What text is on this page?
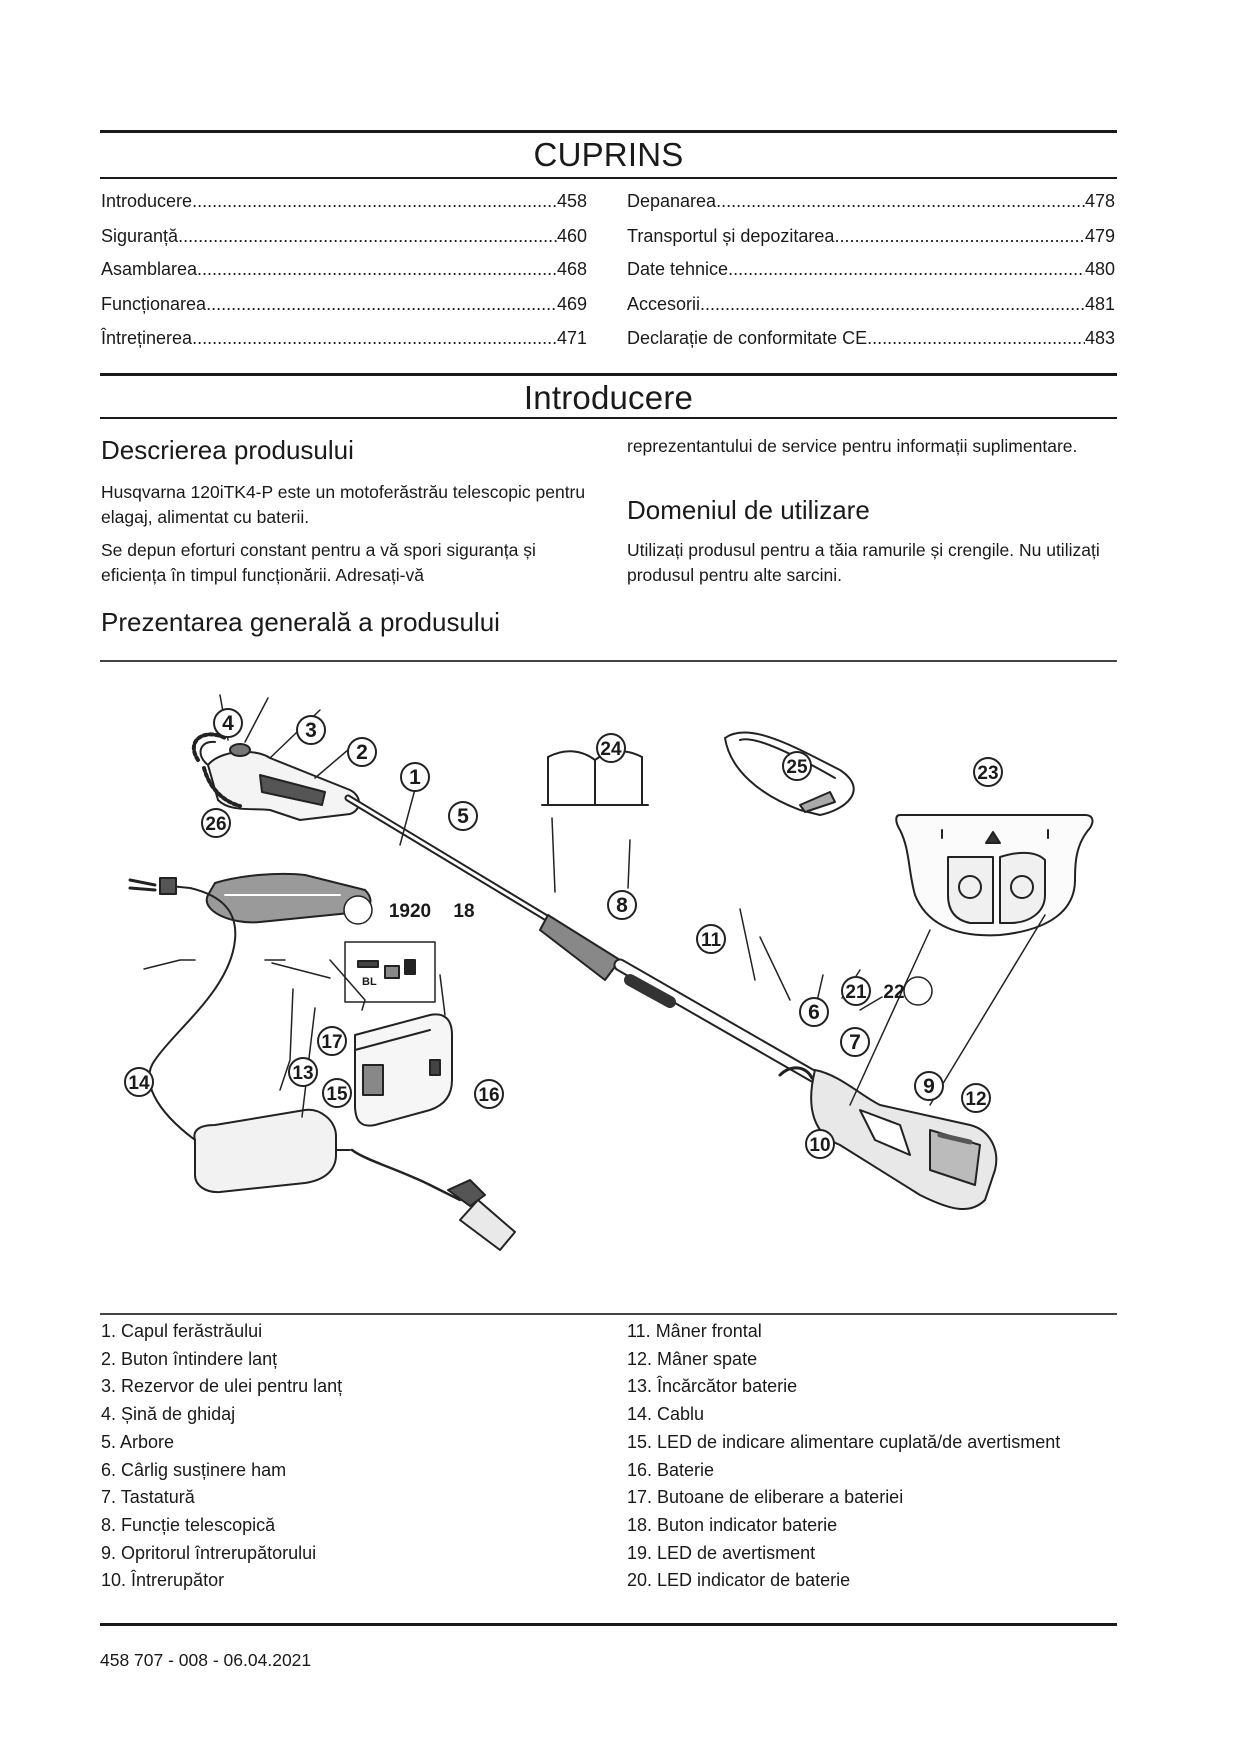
CUPRINS
Introducere .....	458
Siguranță .....	460
Asamblarea .....	468
Funcționarea .....	469
Întreținerea .....	471
Depanarea .....	478
Transportul și depozitarea .....	479
Date tehnice .....	480
Accesorii .....	481
Declarație de conformitate CE .....	483
Introducere
Descrierea produsului
Husqvarna 120iTK4-P este un motoferăstrău telescopic pentru elagaj, alimentat cu baterii.
Se depun eforturi constant pentru a vă spori siguranța și eficiența în timpul funcționării. Adresați-vă
reprezentantului de service pentru informații suplimentare.
Domeniul de utilizare
Utilizați produsul pentru a tăia ramurile și crengile. Nu utilizați produsul pentru alte sarcini.
Prezentarea generală a produsului
1
2
3
4
5
6
7
8
9
10
11
12
13
14
15	16
17
18
1920
21 22
23
24
25
26
BL
1. Capul ferăstrăului
2. Buton întindere lanț
3. Rezervor de ulei pentru lanț
4. Șină de ghidaj
5. Arbore
6. Cârlig susținere ham
7. Tastatură
8. Funcție telescopică
9. Opritorul întrerupătorului
10. Întrerupător
11. Mâner frontal
12. Mâner spate
13. Încărcător baterie
14. Cablu
15. LED de indicare alimentare cuplată/de avertisment
16. Baterie
17. Butoane de eliberare a bateriei
18. Buton indicator baterie
19. LED de avertisment
20. LED indicator de baterie
458 707 - 008 - 06.04.2021
